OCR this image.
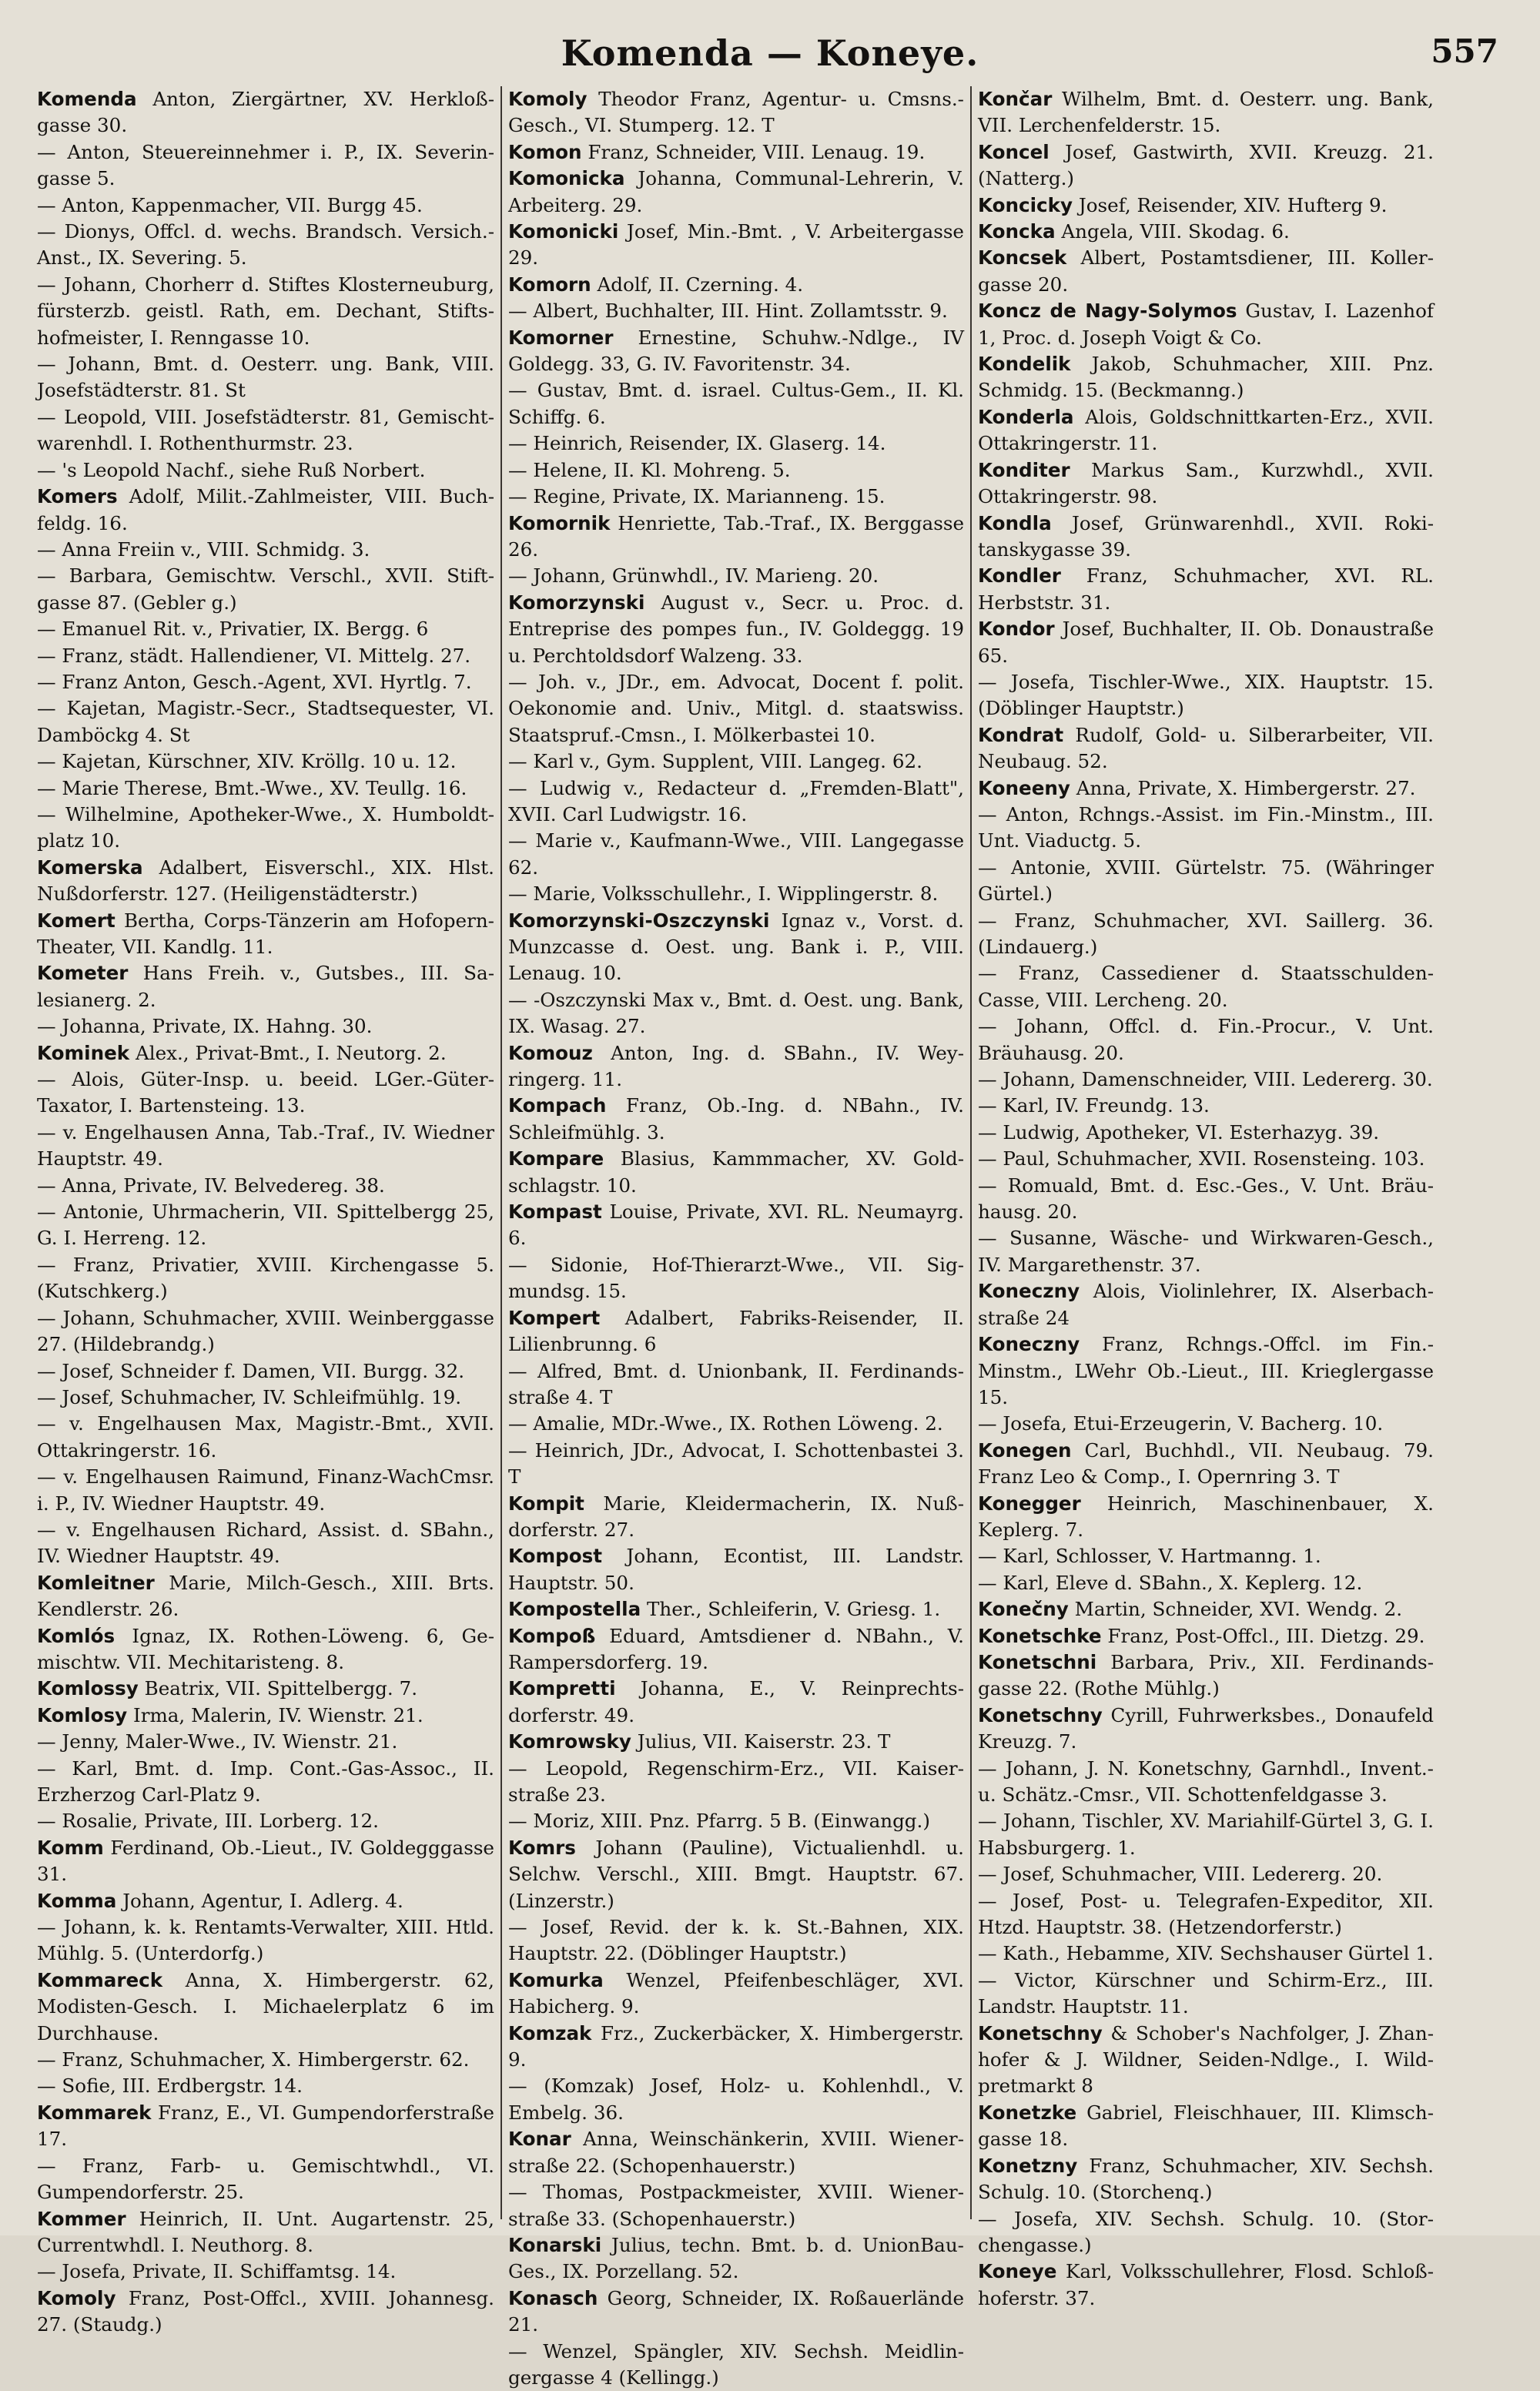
Komenda — Koneye.	557

Komenda Anton, Ziergärtner, XV. Herkloßgasse 30.

— Anton, Steuereinnehmer i. P., IX. Severingasse 5.

— Anton, Kappenmacher, VII. Burgg 45.

— Dionys, Offcl. d. wechs. Brandsch. Versich.Anst., IX. Severing. 5.

— Johann, Chorherr d. Stiftes Klosterneuburg, fürsterzb. geistl. Rath, em. Dechant, Stiftshofmeister, I. Renngasse 10.

— Johann, Bmt. d. Oesterr. ung. Bank, VIII. Josefstädterstr. 81. St

— Leopold, VIII. Josefstädterstr. 81, Gemischtwarenhdl. I. Rothenthurmstr. 23.

— 's Leopold Nachf., siehe Ruß Norbert.

Komers Adolf, Milit.-Zahlmeister, VIII. Buchfeldg. 16.

— Anna Freiin v., VIII. Schmidg. 3.

— Barbara, Gemischtw. Verschl., XVII. Stiftgasse 87. (Gebler g.)

— Emanuel Rit. v., Privatier, IX. Bergg. 6

— Franz, städt. Hallendiener, VI. Mittelg. 27.

— Franz Anton, Gesch.-Agent, XVI. Hyrtlg. 7.

— Kajetan, Magistr.-Secr., Stadtsequester, VI. Damböckg 4. St

— Kajetan, Kürschner, XIV. Kröllg. 10 u. 12.

— Marie Therese, Bmt.-Wwe., XV. Teullg. 16.

— Wilhelmine, Apotheker-Wwe., X. Humboldtplatz 10.

Komerska Adalbert, Eisverschl., XIX. Hlst. Nußdorferstr. 127. (Heiligenstädterstr.)

Komert Bertha, Corps-Tänzerin am Hofopern-Theater, VII. Kandlg. 11.

Kometer Hans Freih. v., Gutsbes., III. Salesianerg. 2.

— Johanna, Private, IX. Hahng. 30.

Kominek Alex., Privat-Bmt., I. Neutorg. 2.

— Alois, Güter-Insp. u. beeid. LGer.-GüterTaxator, I. Bartensteing. 13.

— v. Engelhausen Anna, Tab.-Traf., IV. Wiedner Hauptstr. 49.

— Anna, Private, IV. Belvedereg. 38.

— Antonie, Uhrmacherin, VII. Spittelbergg 25, G. I. Herreng. 12.

— Franz, Privatier, XVIII. Kirchengasse 5. (Kutschkerg.)

— Johann, Schuhmacher, XVIII. Weinberggasse 27. (Hildebrandg.)

— Josef, Schneider f. Damen, VII. Burgg. 32.

— Josef, Schuhmacher, IV. Schleifmühlg. 19.

— v. Engelhausen Max, Magistr.-Bmt., XVII. Ottakringerstr. 16.

— v. Engelhausen Raimund, Finanz-WachCmsr. i. P., IV. Wiedner Hauptstr. 49.

— v. Engelhausen Richard, Assist. d. SBahn., IV. Wiedner Hauptstr. 49.

Komleitner Marie, Milch-Gesch., XIII. Brts. Kendlerstr. 26.

Komlós Ignaz, IX. Rothen-Löweng. 6, Gemischtw. VII. Mechitaristeng. 8.

Komlossy Beatrix, VII. Spittelbergg. 7.

Komlosy Irma, Malerin, IV. Wienstr. 21.

— Jenny, Maler-Wwe., IV. Wienstr. 21.

— Karl, Bmt. d. Imp. Cont.-Gas-Assoc., II. Erzherzog Carl-Platz 9.

— Rosalie, Private, III. Lorberg. 12.

Komm Ferdinand, Ob.-Lieut., IV. Goldegggasse 31.

Komma Johann, Agentur, I. Adlerg. 4.

— Johann, k. k. Rentamts-Verwalter, XIII. Htld. Mühlg. 5. (Unterdorfg.)

Kommareck Anna, X. Himbergerstr. 62, Modisten-Gesch. I. Michaelerplatz 6 im Durchhause.

— Franz, Schuhmacher, X. Himbergerstr. 62.

— Sofie, III. Erdbergstr. 14.

Kommarek Franz, E., VI. Gumpendorferstraße 17.

— Franz, Farb- u. Gemischtwhdl., VI. Gumpendorferstr. 25.

Kommer Heinrich, II. Unt. Augartenstr. 25, Currentwhdl. I. Neuthorg. 8.

— Josefa, Private, II. Schiffamtsg. 14.

Komoly Franz, Post-Offcl., XVIII. Johannesg. 27. (Staudg.)

Komoly Theodor Franz, Agentur- u. Cmsns.-Gesch., VI. Stumperg. 12. T

Komon Franz, Schneider, VIII. Lenaug. 19.

Komonicka Johanna, Communal-Lehrerin, V. Arbeiterg. 29.

Komonicki Josef, Min.-Bmt. , V. Arbeitergasse 29.

Komorn Adolf, II. Czerning. 4.

— Albert, Buchhalter, III. Hint. Zollamtsstr. 9.

Komorner Ernestine, Schuhw.-Ndlge., IV Goldegg. 33, G. IV. Favoritenstr. 34.

— Gustav, Bmt. d. israel. Cultus-Gem., II. Kl. Schiffg. 6.

— Heinrich, Reisender, IX. Glaserg. 14.

— Helene, II. Kl. Mohreng. 5.

— Regine, Private, IX. Marianneng. 15.

Komornik Henriette, Tab.-Traf., IX. Berggasse 26.

— Johann, Grünwhdl., IV. Marieng. 20.

Komorzynski August v., Secr. u. Proc. d. Entreprise des pompes fun., IV. Goldeggg. 19 u. Perchtoldsdorf Walzeng. 33.

— Joh. v., JDr., em. Advocat, Docent f. polit. Oekonomie and. Univ., Mitgl. d. staatswiss. Staatspruf.-Cmsn., I. Mölkerbastei 10.

— Karl v., Gym. Supplent, VIII. Langeg. 62.

— Ludwig v., Redacteur d. „Fremden-Blatt", XVII. Carl Ludwigstr. 16.

— Marie v., Kaufmann-Wwe., VIII. Langegasse 62.

— Marie, Volksschullehr., I. Wipplingerstr. 8.

Komorzynski-Oszczynski Ignaz v., Vorst. d. Munzcasse d. Oest. ung. Bank i. P., VIII. Lenaug. 10.

— -Oszczynski Max v., Bmt. d. Oest. ung. Bank, IX. Wasag. 27.

Komouz Anton, Ing. d. SBahn., IV. Weyringerg. 11.

Kompach Franz, Ob.-Ing. d. NBahn., IV. Schleifmühlg. 3.

Kompare Blasius, Kammmacher, XV. Goldschlagstr. 10.

Kompast Louise, Private, XVI. RL. Neumayrg. 6.

— Sidonie, Hof-Thierarzt-Wwe., VII. Sigmundsg. 15.

Kompert Adalbert, Fabriks-Reisender, II. Lilienbrunng. 6

— Alfred, Bmt. d. Unionbank, II. Ferdinandsstraße 4. T

— Amalie, MDr.-Wwe., IX. Rothen Löweng. 2.

— Heinrich, JDr., Advocat, I. Schottenbastei 3. T

Kompit Marie, Kleidermacherin, IX. Nußdorferstr. 27.

Kompost Johann, Econtist, III. Landstr. Hauptstr. 50.

Kompostella Ther., Schleiferin, V. Griesg. 1.

Kompoß Eduard, Amtsdiener d. NBahn., V. Rampersdorferg. 19.

Kompretti Johanna, E., V. Reinprechtsdorferstr. 49.

Komrowsky Julius, VII. Kaiserstr. 23. T

— Leopold, Regenschirm-Erz., VII. Kaiserstraße 23.

— Moriz, XIII. Pnz. Pfarrg. 5 B. (Einwangg.)

Komrs Johann (Pauline), Victualienhdl. u. Selchw. Verschl., XIII. Bmgt. Hauptstr. 67. (Linzerstr.)

— Josef, Revid. der k. k. St.-Bahnen, XIX. Hauptstr. 22. (Döblinger Hauptstr.)

Komurka Wenzel, Pfeifenbeschläger, XVI. Habicherg. 9.

Komzak Frz., Zuckerbäcker, X. Himbergerstr. 9.

— (Komzak) Josef, Holz- u. Kohlenhdl., V. Embelg. 36.

Konar Anna, Weinschänkerin, XVIII. Wienerstraße 22. (Schopenhauerstr.)

— Thomas, Postpackmeister, XVIII. Wienerstraße 33. (Schopenhauerstr.)

Konarski Julius, techn. Bmt. b. d. UnionBau-Ges., IX. Porzellang. 52.

Konasch Georg, Schneider, IX. Roßauerlände 21.

— Wenzel, Spängler, XIV. Sechsh. Meidlingergasse 4 (Kellingg.)

Končar Wilhelm, Bmt. d. Oesterr. ung. Bank, VII. Lerchenfelderstr. 15.

Koncel Josef, Gastwirth, XVII. Kreuzg. 21. (Natterg.)

Koncicky Josef, Reisender, XIV. Hufterg 9.

Koncka Angela, VIII. Skodag. 6.

Koncsek Albert, Postamtsdiener, III. Kollergasse 20.

Koncz de Nagy-Solymos Gustav, I. Lazenhof 1, Proc. d. Joseph Voigt & Co.

Kondelik Jakob, Schuhmacher, XIII. Pnz. Schmidg. 15. (Beckmanng.)

Konderla Alois, Goldschnittkarten-Erz., XVII. Ottakringerstr. 11.

Konditer Markus Sam., Kurzwhdl., XVII. Ottakringerstr. 98.

Kondla Josef, Grünwarenhdl., XVII. Rokitanskygasse 39.

Kondler Franz, Schuhmacher, XVI. RL. Herbststr. 31.

Kondor Josef, Buchhalter, II. Ob. Donaustraße 65.

— Josefa, Tischler-Wwe., XIX. Hauptstr. 15. (Döblinger Hauptstr.)

Kondrat Rudolf, Gold- u. Silberarbeiter, VII. Neubaug. 52.

Koneeny Anna, Private, X. Himbergerstr. 27.

— Anton, Rchngs.-Assist. im Fin.-Minstm., III. Unt. Viaductg. 5.

— Antonie, XVIII. Gürtelstr. 75. (Währinger Gürtel.)

— Franz, Schuhmacher, XVI. Saillerg. 36. (Lindauerg.)

— Franz, Cassediener d. Staatsschulden-Casse, VIII. Lercheng. 20.

— Johann, Offcl. d. Fin.-Procur., V. Unt. Bräuhausg. 20.

— Johann, Damenschneider, VIII. Ledererg. 30.

— Karl, IV. Freundg. 13.

— Ludwig, Apotheker, VI. Esterhazyg. 39.

— Paul, Schuhmacher, XVII. Rosensteing. 103.

— Romuald, Bmt. d. Esc.-Ges., V. Unt. Bräuhausg. 20.

— Susanne, Wäsche- und Wirkwaren-Gesch., IV. Margarethenstr. 37.

Koneczny Alois, Violinlehrer, IX. Alserbachstraße 24

Koneczny Franz, Rchngs.-Offcl. im Fin.Minstm., LWehr Ob.-Lieut., III. Krieglergasse 15.

— Josefa, Etui-Erzeugerin, V. Bacherg. 10.

Konegen Carl, Buchhdl., VII. Neubaug. 79. Franz Leo & Comp., I. Opernring 3. T

Konegger Heinrich, Maschinenbauer, X. Keplerg. 7.

— Karl, Schlosser, V. Hartmanng. 1.

— Karl, Eleve d. SBahn., X. Keplerg. 12.

Konečny Martin, Schneider, XVI. Wendg. 2.

Konetschke Franz, Post-Offcl., III. Dietzg. 29.

Konetschni Barbara, Priv., XII. Ferdinandsgasse 22. (Rothe Mühlg.)

Konetschny Cyrill, Fuhrwerksbes., Donaufeld Kreuzg. 7.

— Johann, J. N. Konetschny, Garnhdl., Invent.- u. Schätz.-Cmsr., VII. Schottenfeldgasse 3.

— Johann, Tischler, XV. Mariahilf-Gürtel 3, G. I. Habsburgerg. 1.

— Josef, Schuhmacher, VIII. Ledererg. 20.

— Josef, Post- u. Telegrafen-Expeditor, XII. Htzd. Hauptstr. 38. (Hetzendorferstr.)

— Kath., Hebamme, XIV. Sechshauser Gürtel 1.

— Victor, Kürschner und Schirm-Erz., III. Landstr. Hauptstr. 11.

Konetschny & Schober's Nachfolger, J. Zhanhofer & J. Wildner, Seiden-Ndlge., I. Wildpretmarkt 8

Konetzke Gabriel, Fleischhauer, III. Klimschgasse 18.

Konetzny Franz, Schuhmacher, XIV. Sechsh. Schulg. 10. (Storchenq.)

— Josefa, XIV. Sechsh. Schulg. 10. (Storchengasse.)

Koneye Karl, Volksschullehrer, Flosd. Schloßhoferstr. 37.
